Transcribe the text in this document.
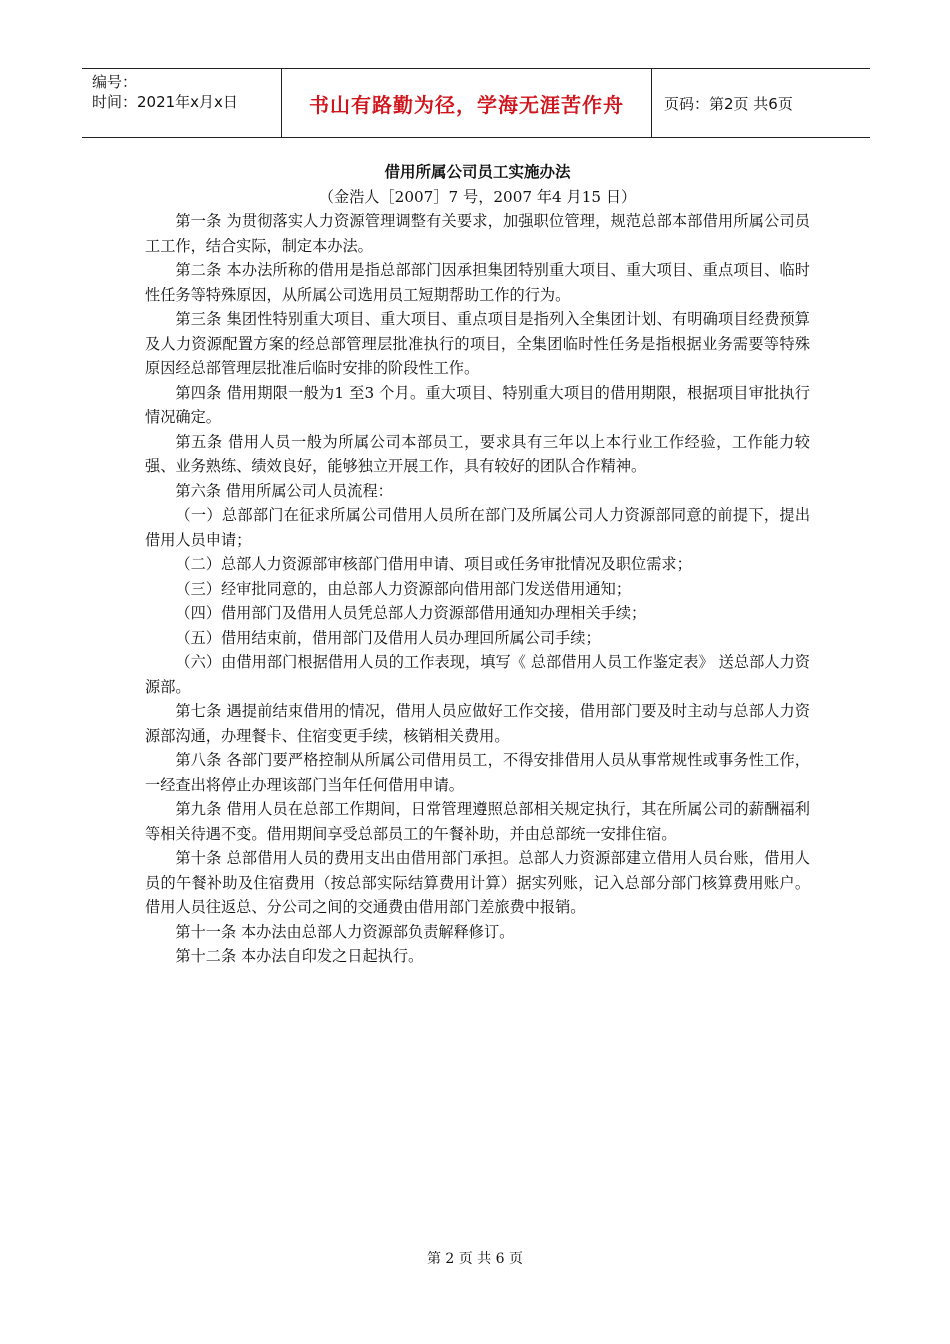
编号：
时间：2021年x月x日	书山有路勤为径，学海无涯苦作舟	页码：第2页 共6页

借用所属公司员工实施办法

（金浩人［2007］7 号，2007 年4 月15 日）

第一条 为贯彻落实人力资源管理调整有关要求，加强职位管理，规范总部本部借用所属公司员工工作，结合实际，制定本办法。

第二条 本办法所称的借用是指总部部门因承担集团特别重大项目、重大项目、重点项目、临时性任务等特殊原因，从所属公司选用员工短期帮助工作的行为。

第三条 集团性特别重大项目、重大项目、重点项目是指列入全集团计划、有明确项目经费预算及人力资源配置方案的经总部管理层批准执行的项目，全集团临时性任务是指根据业务需要等特殊原因经总部管理层批准后临时安排的阶段性工作。

第四条 借用期限一般为1 至3 个月。重大项目、特别重大项目的借用期限，根据项目审批执行情况确定。

第五条 借用人员一般为所属公司本部员工，要求具有三年以上本行业工作经验，工作能力较强、业务熟练、绩效良好，能够独立开展工作，具有较好的团队合作精神。

第六条 借用所属公司人员流程：

（一）总部部门在征求所属公司借用人员所在部门及所属公司人力资源部同意的前提下，提出借用人员申请；

（二）总部人力资源部审核部门借用申请、项目或任务审批情况及职位需求；

（三）经审批同意的，由总部人力资源部向借用部门发送借用通知；

（四）借用部门及借用人员凭总部人力资源部借用通知办理相关手续；

（五）借用结束前，借用部门及借用人员办理回所属公司手续；

（六）由借用部门根据借用人员的工作表现，填写《 总部借用人员工作鉴定表》 送总部人力资源部。

第七条 遇提前结束借用的情况，借用人员应做好工作交接，借用部门要及时主动与总部人力资源部沟通，办理餐卡、住宿变更手续，核销相关费用。

第八条 各部门要严格控制从所属公司借用员工，不得安排借用人员从事常规性或事务性工作，一经查出将停止办理该部门当年任何借用申请。

第九条 借用人员在总部工作期间，日常管理遵照总部相关规定执行，其在所属公司的薪酬福利等相关待遇不变。借用期间享受总部员工的午餐补助，并由总部统一安排住宿。

第十条 总部借用人员的费用支出由借用部门承担。总部人力资源部建立借用人员台账，借用人员的午餐补助及住宿费用（按总部实际结算费用计算）据实列账，记入总部分部门核算费用账户。借用人员往返总、分公司之间的交通费由借用部门差旅费中报销。

第十一条 本办法由总部人力资源部负责解释修订。

第十二条 本办法自印发之日起执行。

第 2 页 共 6 页
